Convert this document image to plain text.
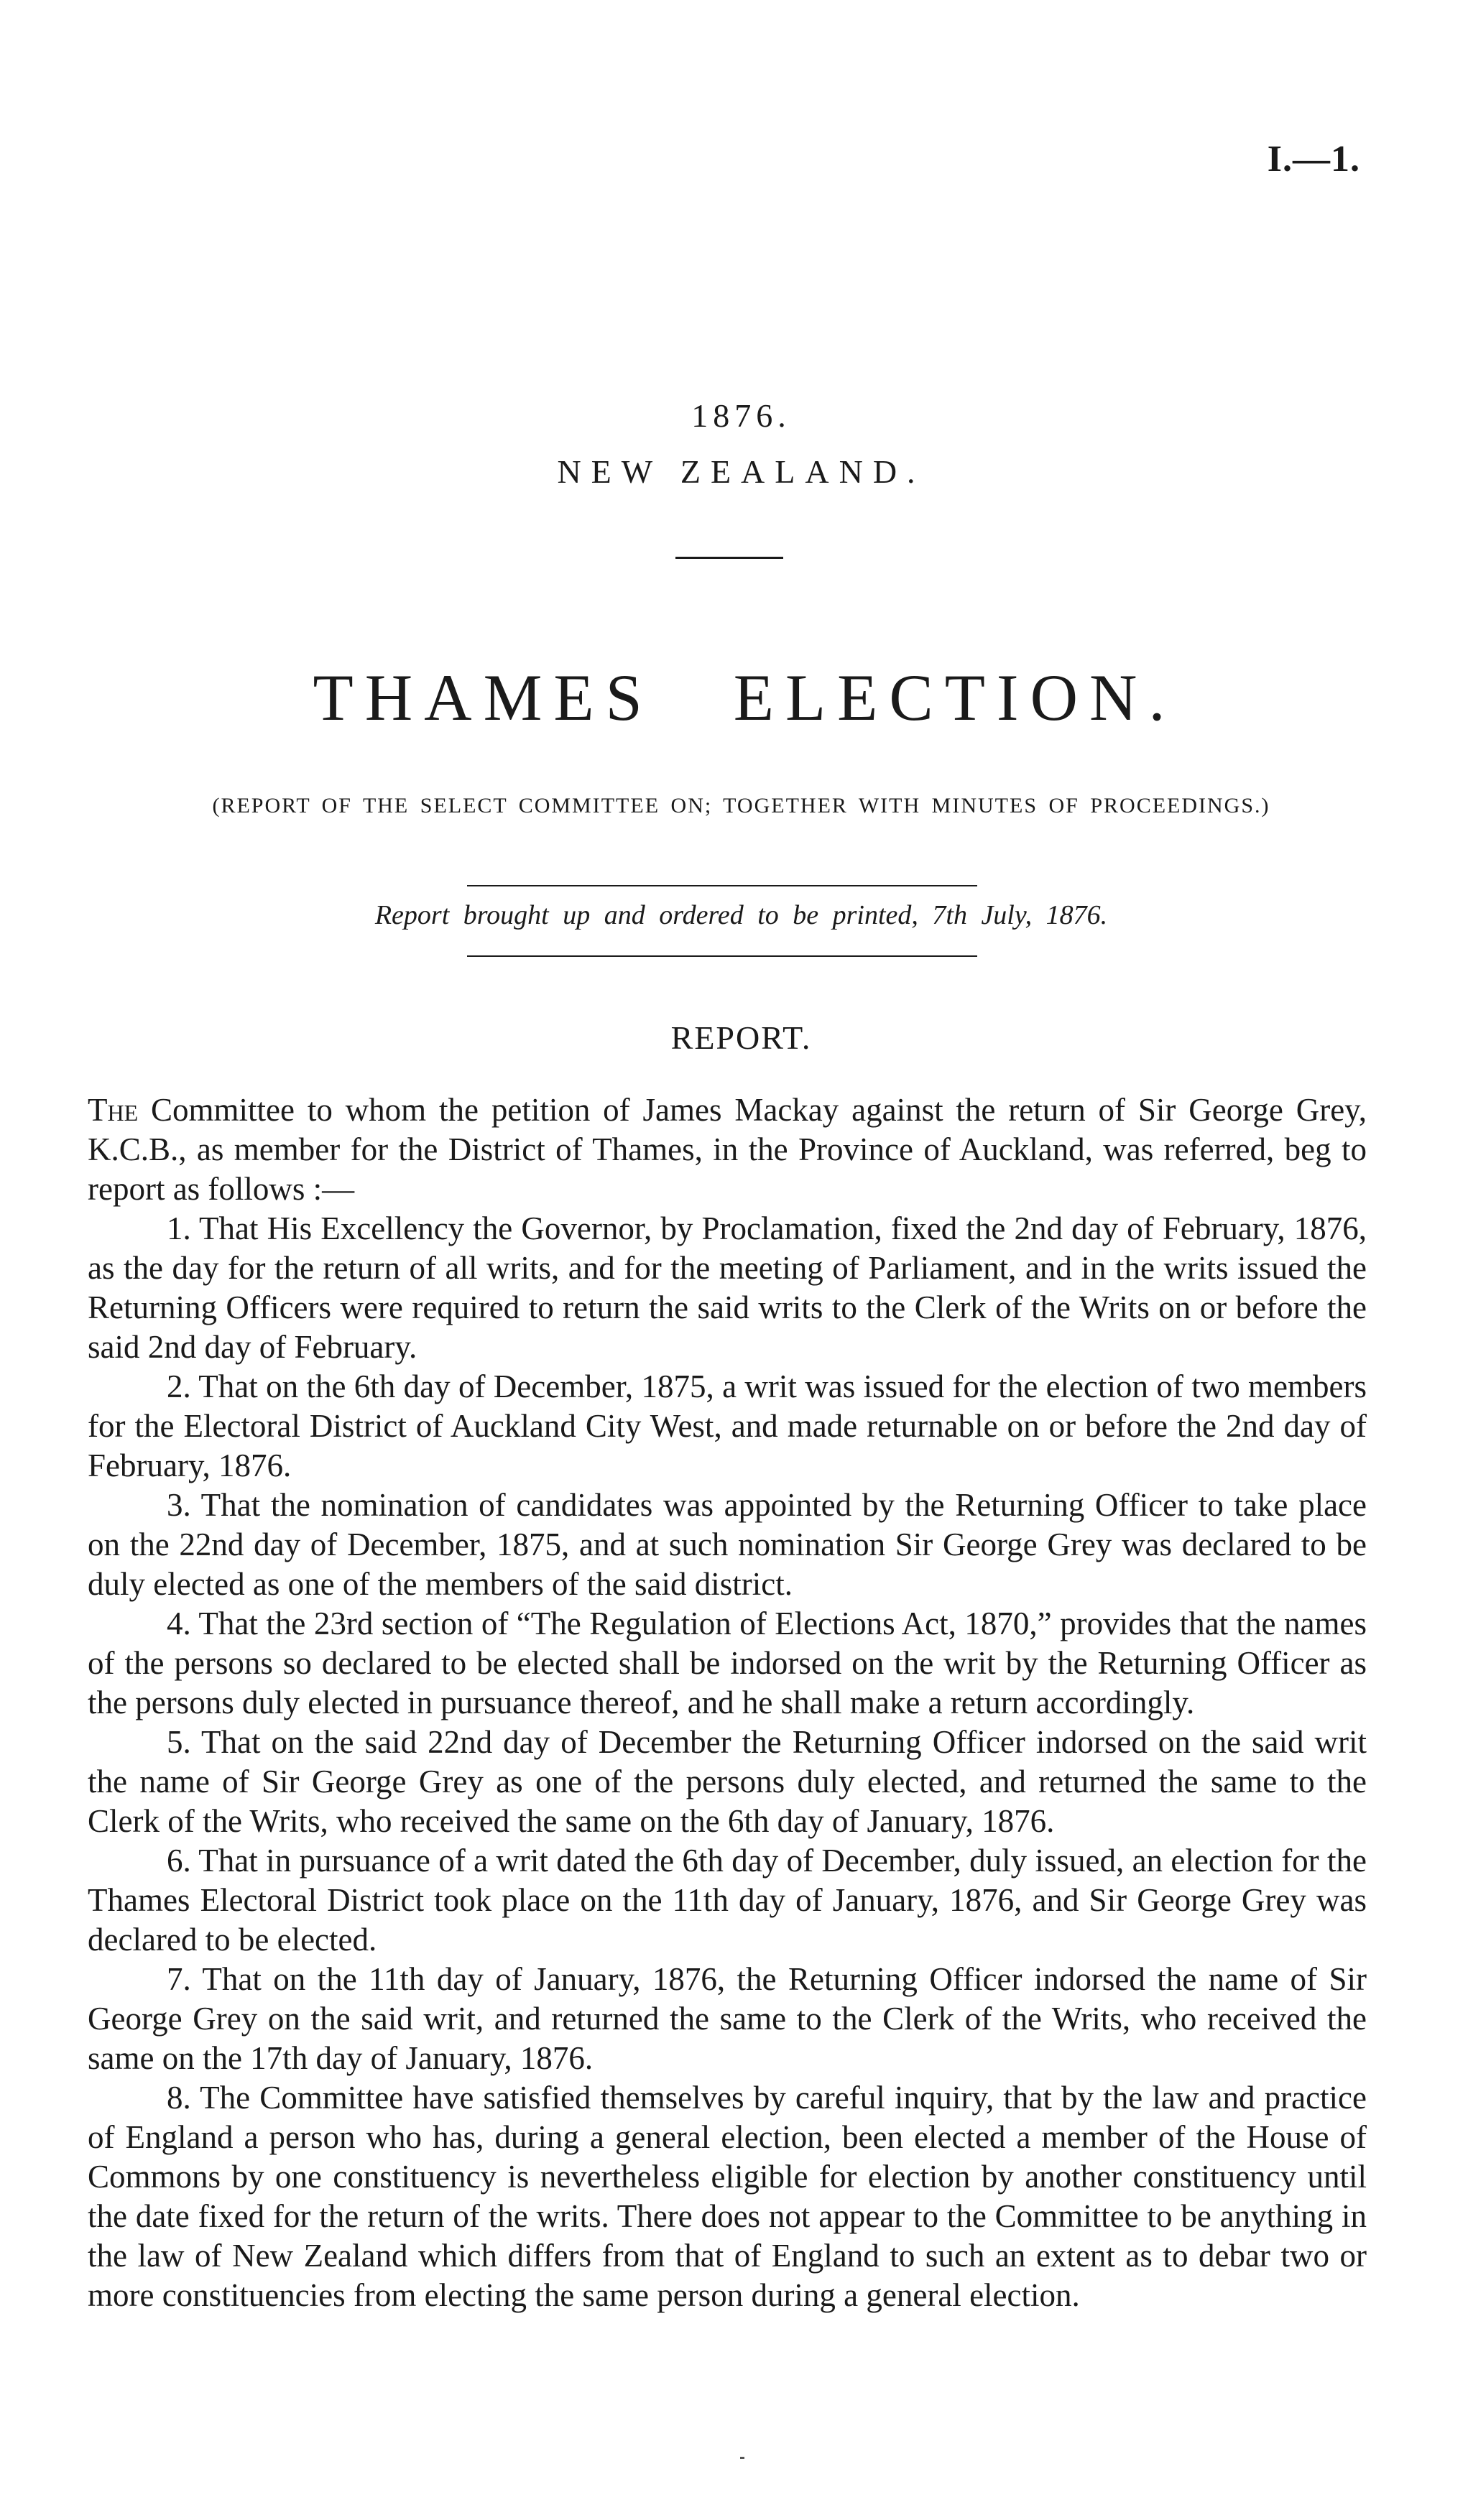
I.—1.
1876.
NEW ZEALAND.
THAMES ELECTION.
(REPORT OF THE SELECT COMMITTEE ON; TOGETHER WITH MINUTES OF PROCEEDINGS.)
Report brought up and ordered to be printed, 7th July, 1876.
REPORT.

The Committee to whom the petition of James Mackay against the return of Sir George Grey, K.C.B., as member for the District of Thames, in the Province of Auckland, was referred, beg to report as follows :—

1. That His Excellency the Governor, by Proclamation, fixed the 2nd day of February, 1876, as the day for the return of all writs, and for the meeting of Parliament, and in the writs issued the Returning Officers were required to return the said writs to the Clerk of the Writs on or before the said 2nd day of February.

2. That on the 6th day of December, 1875, a writ was issued for the election of two members for the Electoral District of Auckland City West, and made returnable on or before the 2nd day of February, 1876.

3. That the nomination of candidates was appointed by the Returning Officer to take place on the 22nd day of December, 1875, and at such nomination Sir George Grey was declared to be duly elected as one of the members of the said district.

4. That the 23rd section of “The Regulation of Elections Act, 1870,” provides that the names of the persons so declared to be elected shall be indorsed on the writ by the Returning Officer as the persons duly elected in pursuance thereof, and he shall make a return accordingly.

5. That on the said 22nd day of December the Returning Officer indorsed on the said writ the name of Sir George Grey as one of the persons duly elected, and returned the same to the Clerk of the Writs, who received the same on the 6th day of January, 1876.

6. That in pursuance of a writ dated the 6th day of December, duly issued, an election for the Thames Electoral District took place on the 11th day of January, 1876, and Sir George Grey was declared to be elected.

7. That on the 11th day of January, 1876, the Returning Officer indorsed the name of Sir George Grey on the said writ, and returned the same to the Clerk of the Writs, who received the same on the 17th day of January, 1876.

8. The Committee have satisfied themselves by careful inquiry, that by the law and practice of England a person who has, during a general election, been elected a member of the House of Commons by one constituency is nevertheless eligible for election by another constituency until the date fixed for the return of the writs. There does not appear to the Committee to be anything in the law of New Zealand which differs from that of England to such an extent as to debar two or more constituencies from electing the same person during a general election.
